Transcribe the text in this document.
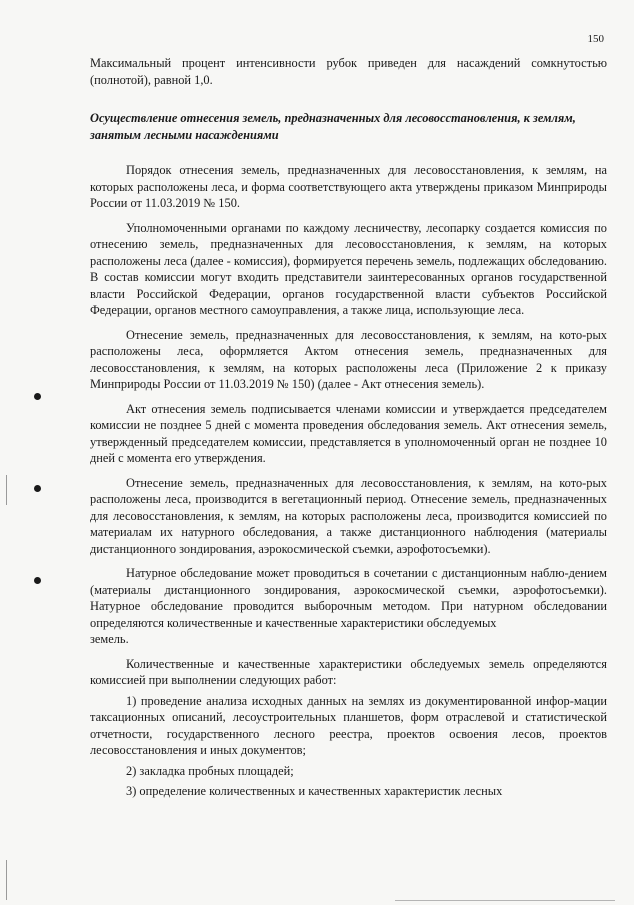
150

Максимальный процент интенсивности рубок приведен для насаждений сомкнутостью (полнотой), равной 1,0.

Осуществление отнесения земель, предназначенных для лесовосстановления, к землям, занятым лесными насаждениями

Порядок отнесения земель, предназначенных для лесовосстановления, к землям, на которых расположены леса, и форма соответствующего акта утверждены приказом Минприроды России от 11.03.2019 № 150.

Уполномоченными органами по каждому лесничеству, лесопарку создается комиссия по отнесению земель, предназначенных для лесовосстановления, к землям, на которых расположены леса (далее - комиссия), формируется перечень земель, подлежащих обследованию. В состав комиссии могут входить представители заинтересованных органов государственной власти Российской Федерации, органов государственной власти субъектов Российской Федерации, органов местного самоуправления, а также лица, использующие леса.

Отнесение земель, предназначенных для лесовосстановления, к землям, на кото-рых расположены леса, оформляется Актом отнесения земель, предназначенных для лесовосстановления, к землям, на которых расположены леса (Приложение 2 к приказу Минприроды России от 11.03.2019 № 150) (далее - Акт отнесения земель).

Акт отнесения земель подписывается членами комиссии и утверждается председателем комиссии не позднее 5 дней с момента проведения обследования земель. Акт отнесения земель, утвержденный председателем комиссии, представляется в уполномоченный орган не позднее 10 дней с момента его утверждения.

Отнесение земель, предназначенных для лесовосстановления, к землям, на кото-рых расположены леса, производится в вегетационный период. Отнесение земель, предназначенных для лесовосстановления, к землям, на которых расположены леса, производится комиссией по материалам их натурного обследования, а также дистанционного наблюдения (материалы дистанционного зондирования, аэрокосмической съемки, аэрофотосъемки).

Натурное обследование может проводиться в сочетании с дистанционным наблю-дением (материалы дистанционного зондирования, аэрокосмической съемки, аэрофотосъемки). Натурное обследование проводится выборочным методом. При натурном обследовании определяются количественные и качественные характеристики обследуемых

земель.

Количественные и качественные характеристики обследуемых земель определяются комиссией при выполнении следующих работ:

1) проведение анализа исходных данных на землях из документированной инфор-мации таксационных описаний, лесоустроительных планшетов, форм отраслевой и статистической отчетности, государственного лесного реестра, проектов освоения лесов, проектов лесовосстановления и иных документов;

2) закладка пробных площадей;

3) определение количественных и качественных характеристик лесных
